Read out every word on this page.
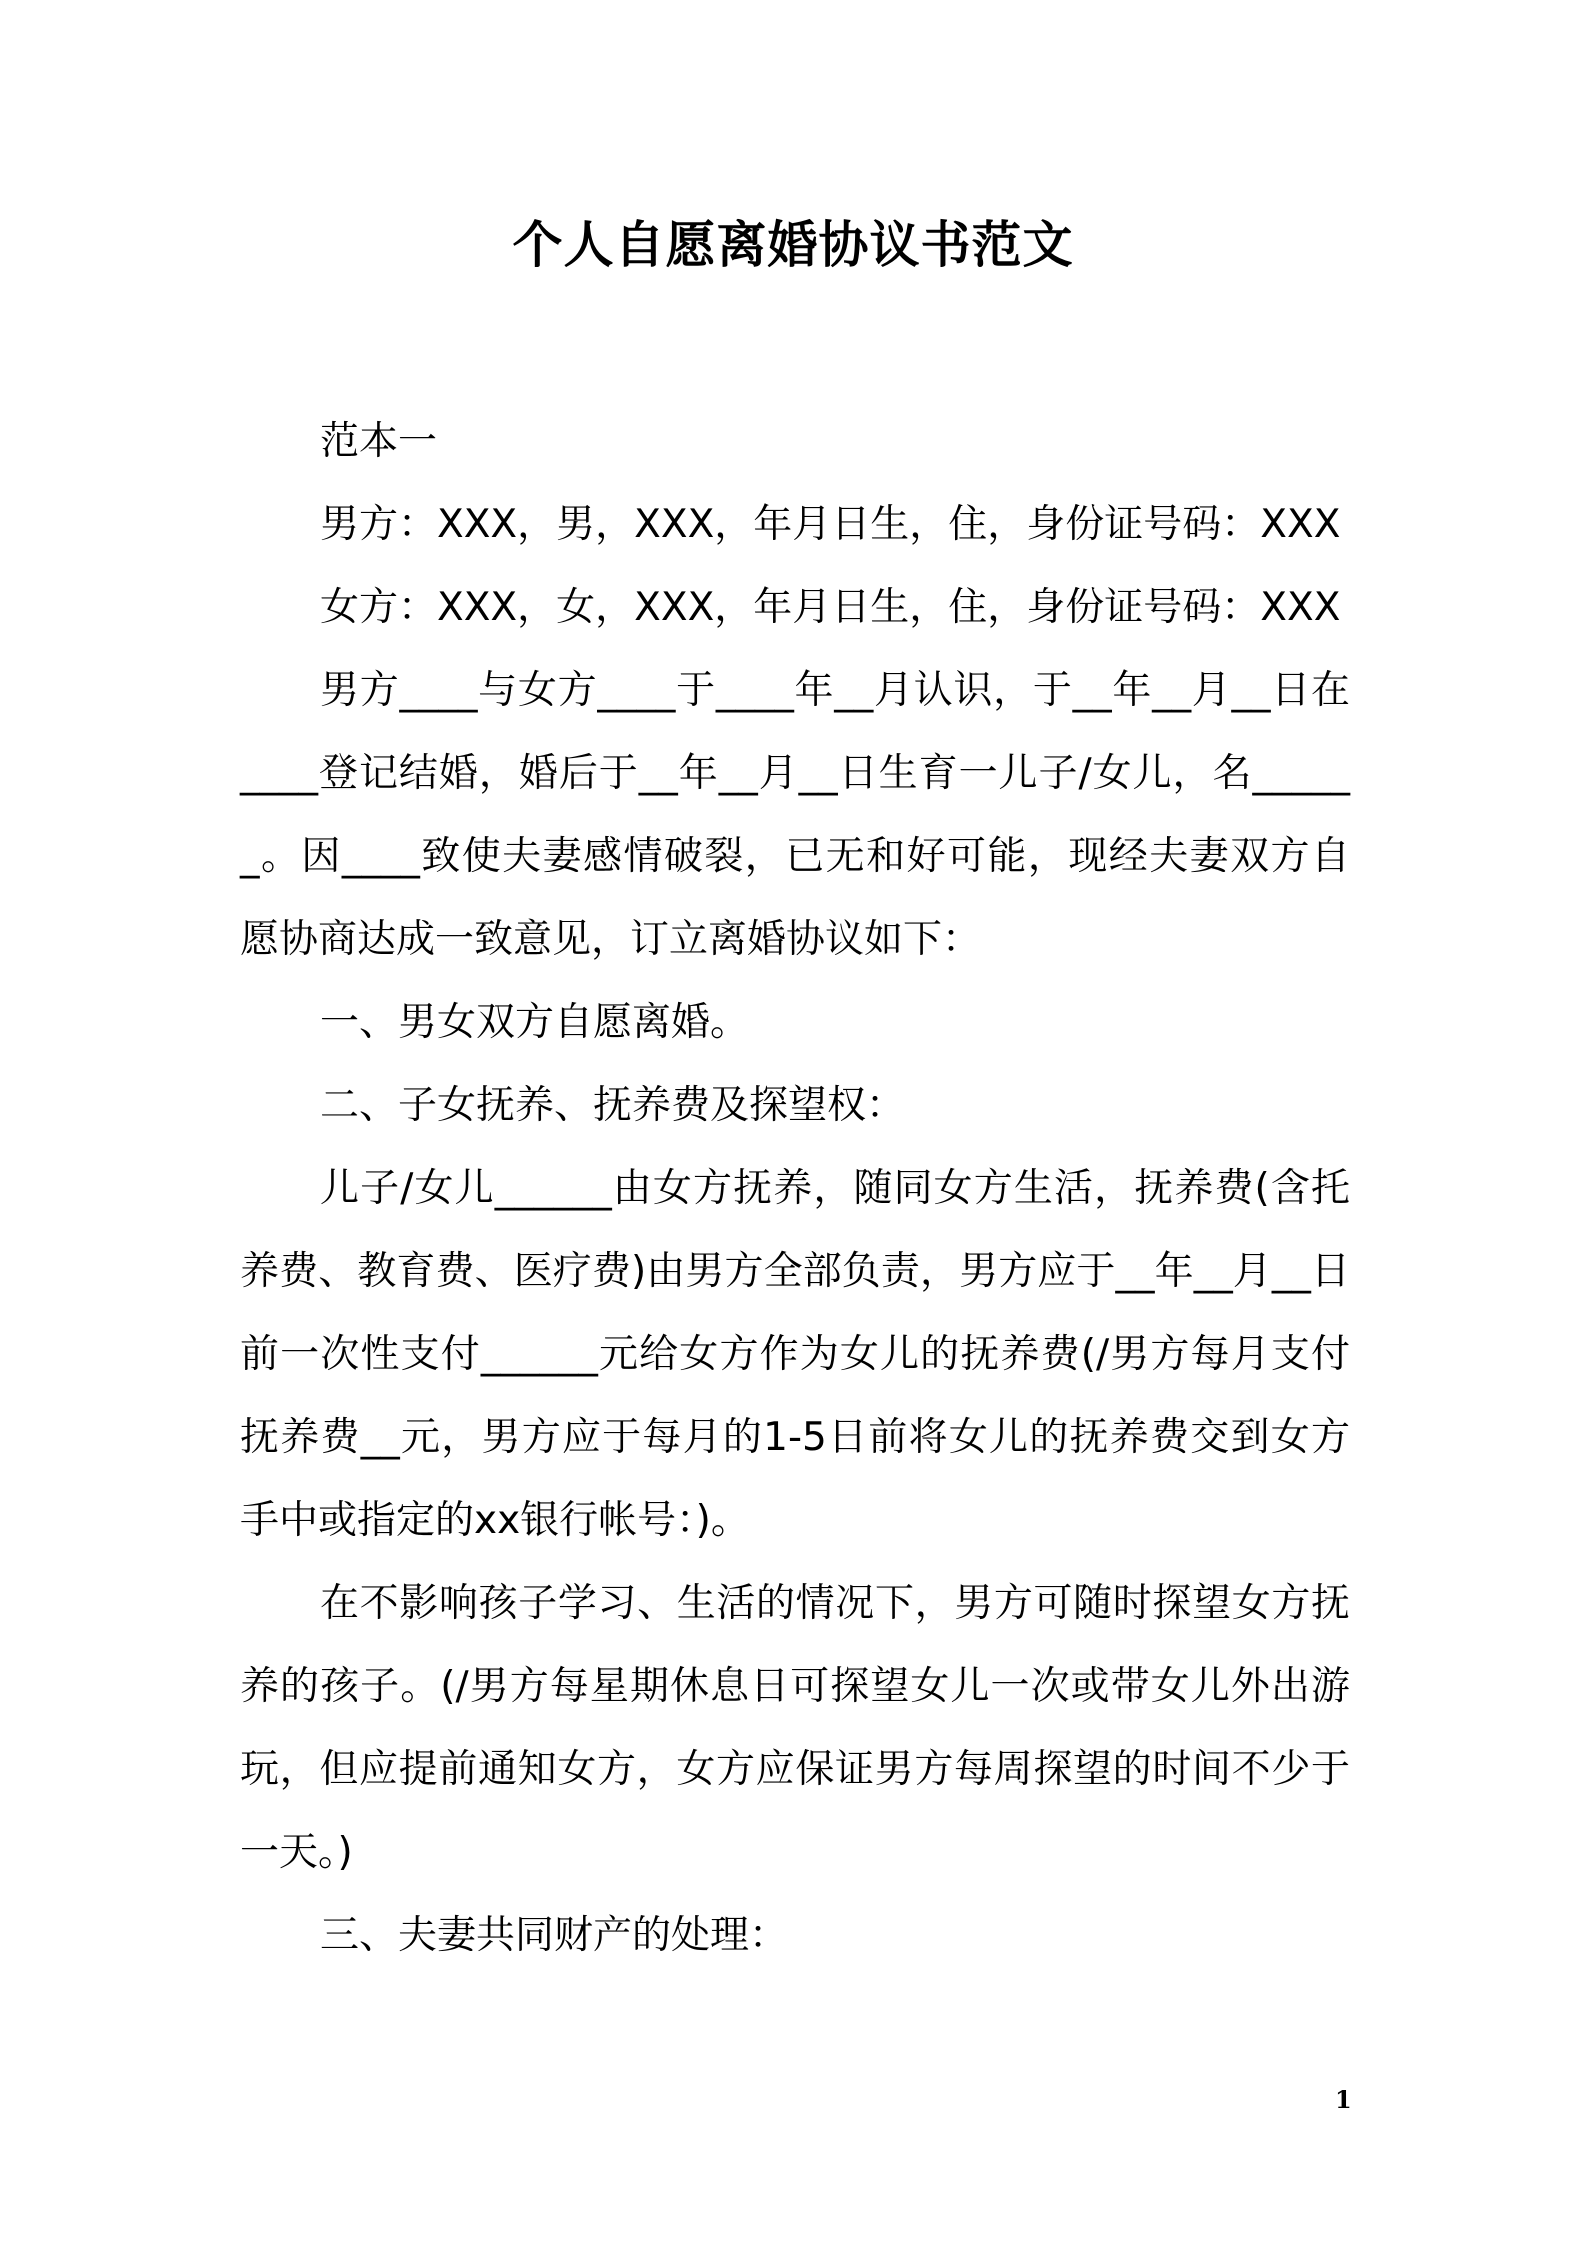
个人自愿离婚协议书范文

范本一

男方：XXX，男，XXX，年月日生，住，身份证号码：XXX

女方：XXX，女，XXX，年月日生，住，身份证号码：XXX

男方____与女方____于____年__月认识，于__年__月__日在____登记结婚，婚后于__年__月__日生育一儿子/女儿，名______。因____致使夫妻感情破裂，已无和好可能，现经夫妻双方自愿协商达成一致意见，订立离婚协议如下：

一、男女双方自愿离婚。

二、子女抚养、抚养费及探望权：

儿子/女儿______由女方抚养，随同女方生活，抚养费(含托养费、教育费、医疗费)由男方全部负责，男方应于__年__月__日前一次性支付______元给女方作为女儿的抚养费(/男方每月支付抚养费__元，男方应于每月的1-5日前将女儿的抚养费交到女方手中或指定的xx银行帐号：)。

在不影响孩子学习、生活的情况下，男方可随时探望女方抚养的孩子。(/男方每星期休息日可探望女儿一次或带女儿外出游玩，但应提前通知女方，女方应保证男方每周探望的时间不少于一天。)

三、夫妻共同财产的处理：

1
